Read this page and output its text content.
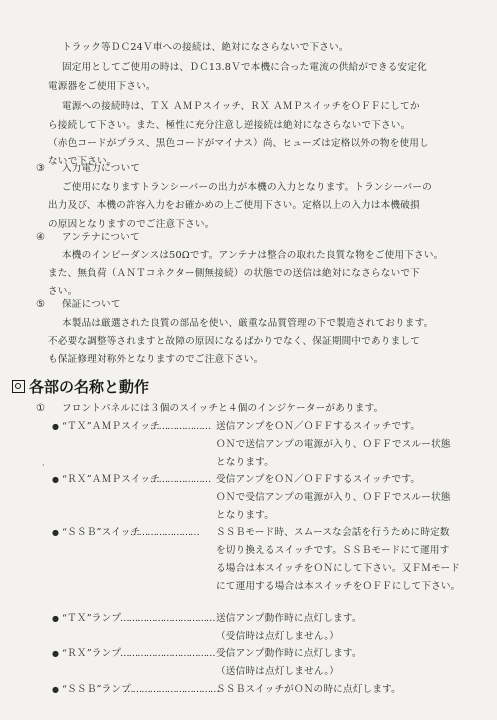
トラック等ＤＣ24Ｖ車への接続は、絶対になさらないで下さい。
固定用としてご使用の時は、ＤＣ13.8Ｖで本機に合った電流の供給ができる安定化
電源器をご使用下さい。
電源への接続時は、ＴＸ ＡＭＰスイッチ、ＲＸ ＡＭＰスイッチをＯＦＦにしてか
ら接続して下さい。また、極性に充分注意し逆接続は絶対になさらないで下さい。
（赤色コードがプラス、黒色コードがマイナス）尚、ヒューズは定格以外の物を使用し
ないで下さい。
③ 入力電力について
ご使用になりますトランシーバーの出力が本機の入力となります。トランシーバーの
出力及び、本機の許容入力をお確かめの上ご使用下さい。定格以上の入力は本機破損
の原因となりますのでご注意下さい。
④ アンテナについて
本機のインピーダンスは50Ωです。アンテナは整合の取れた良質な物をご使用下さい。
また、無負荷（ＡＮＴコネクター側無接続）の状態での送信は絶対になさらないで下
さい。
⑤ 保証について
本製品は厳選された良質の部品を使い、厳重な品質管理の下で製造されております。
不必要な調整等されますと故障の原因になるばかりでなく、保証期間中でありまして
も保証修理対称外となりますのでご注意下さい。
各部の名称と動作
① フロントパネルには３個のスイッチと４個のインジケーターがあります。
● “ＴＸ”ＡＭＰスイッチ
………………… 送信アンプをＯＮ／ＯＦＦするスイッチです。
ＯＮで送信アンプの電源が入り、ＯＦＦでスルー状態
となります。
·
● “ＲＸ”ＡＭＰスイッチ
………………… 受信アンプをＯＮ／ＯＦＦするスイッチです。
ＯＮで受信アンプの電源が入り、ＯＦＦでスルー状態
となります。
● “ＳＳＢ”スイッチ
…………………… ＳＳＢモード時、スムースな会話を行うために時定数
を切り換えるスイッチです。ＳＳＢモードにて運用す
る場合は本スイッチをＯＮにして下さい。又ＦＭモード
にて運用する場合は本スイッチをＯＦＦにして下さい。
● “ＴＸ”ランプ
…………………………… 送信アンプ動作時に点灯します。
（受信時は点灯しません。）
● “ＲＸ”ランプ
…………………………… 受信アンプ動作時に点灯します。
（送信時は点灯しません。）
● “ＳＳＢ”ランプ
……………………………
ＳＳＢスイッチがＯＮの時に点灯します。
